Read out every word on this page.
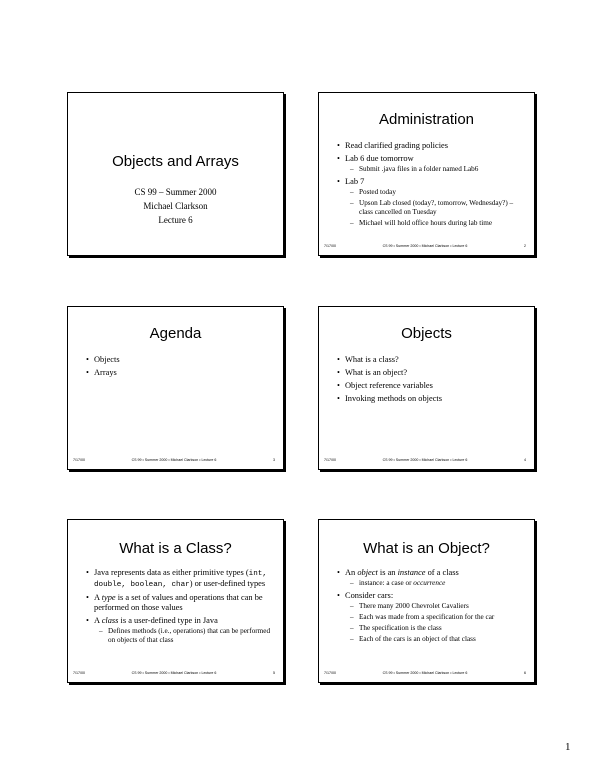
Objects and Arrays
CS 99 – Summer 2000
Michael Clarkson
Lecture 6
Administration
• Read clarified grading policies
• Lab 6 due tomorrow
– Submit .java files in a folder named Lab6
• Lab 7
– Posted today
– Upson Lab closed (today?, tomorrow, Wednesday?) – class cancelled on Tuesday
– Michael will hold office hours during lab time
7/17/00	CS 99 • Summer 2000 • Michael Clarkson • Lecture 6	2
Agenda
• Objects
• Arrays
7/17/00	CS 99 • Summer 2000 • Michael Clarkson • Lecture 6	3
Objects
• What is a class?
• What is an object?
• Object reference variables
• Invoking methods on objects
7/17/00	CS 99 • Summer 2000 • Michael Clarkson • Lecture 6	4
What is a Class?
• Java represents data as either primitive types (int, double, boolean, char) or user-defined types
• A type is a set of values and operations that can be performed on those values
• A class is a user-defined type in Java
– Defines methods (i.e., operations) that can be performed on objects of that class
7/17/00	CS 99 • Summer 2000 • Michael Clarkson • Lecture 6	5
What is an Object?
• An object is an instance of a class
– instance: a case or occurrence
• Consider cars:
– There many 2000 Chevrolet Cavaliers
– Each was made from a specification for the car
– The specification is the class
– Each of the cars is an object of that class
7/17/00	CS 99 • Summer 2000 • Michael Clarkson • Lecture 6	6
1
